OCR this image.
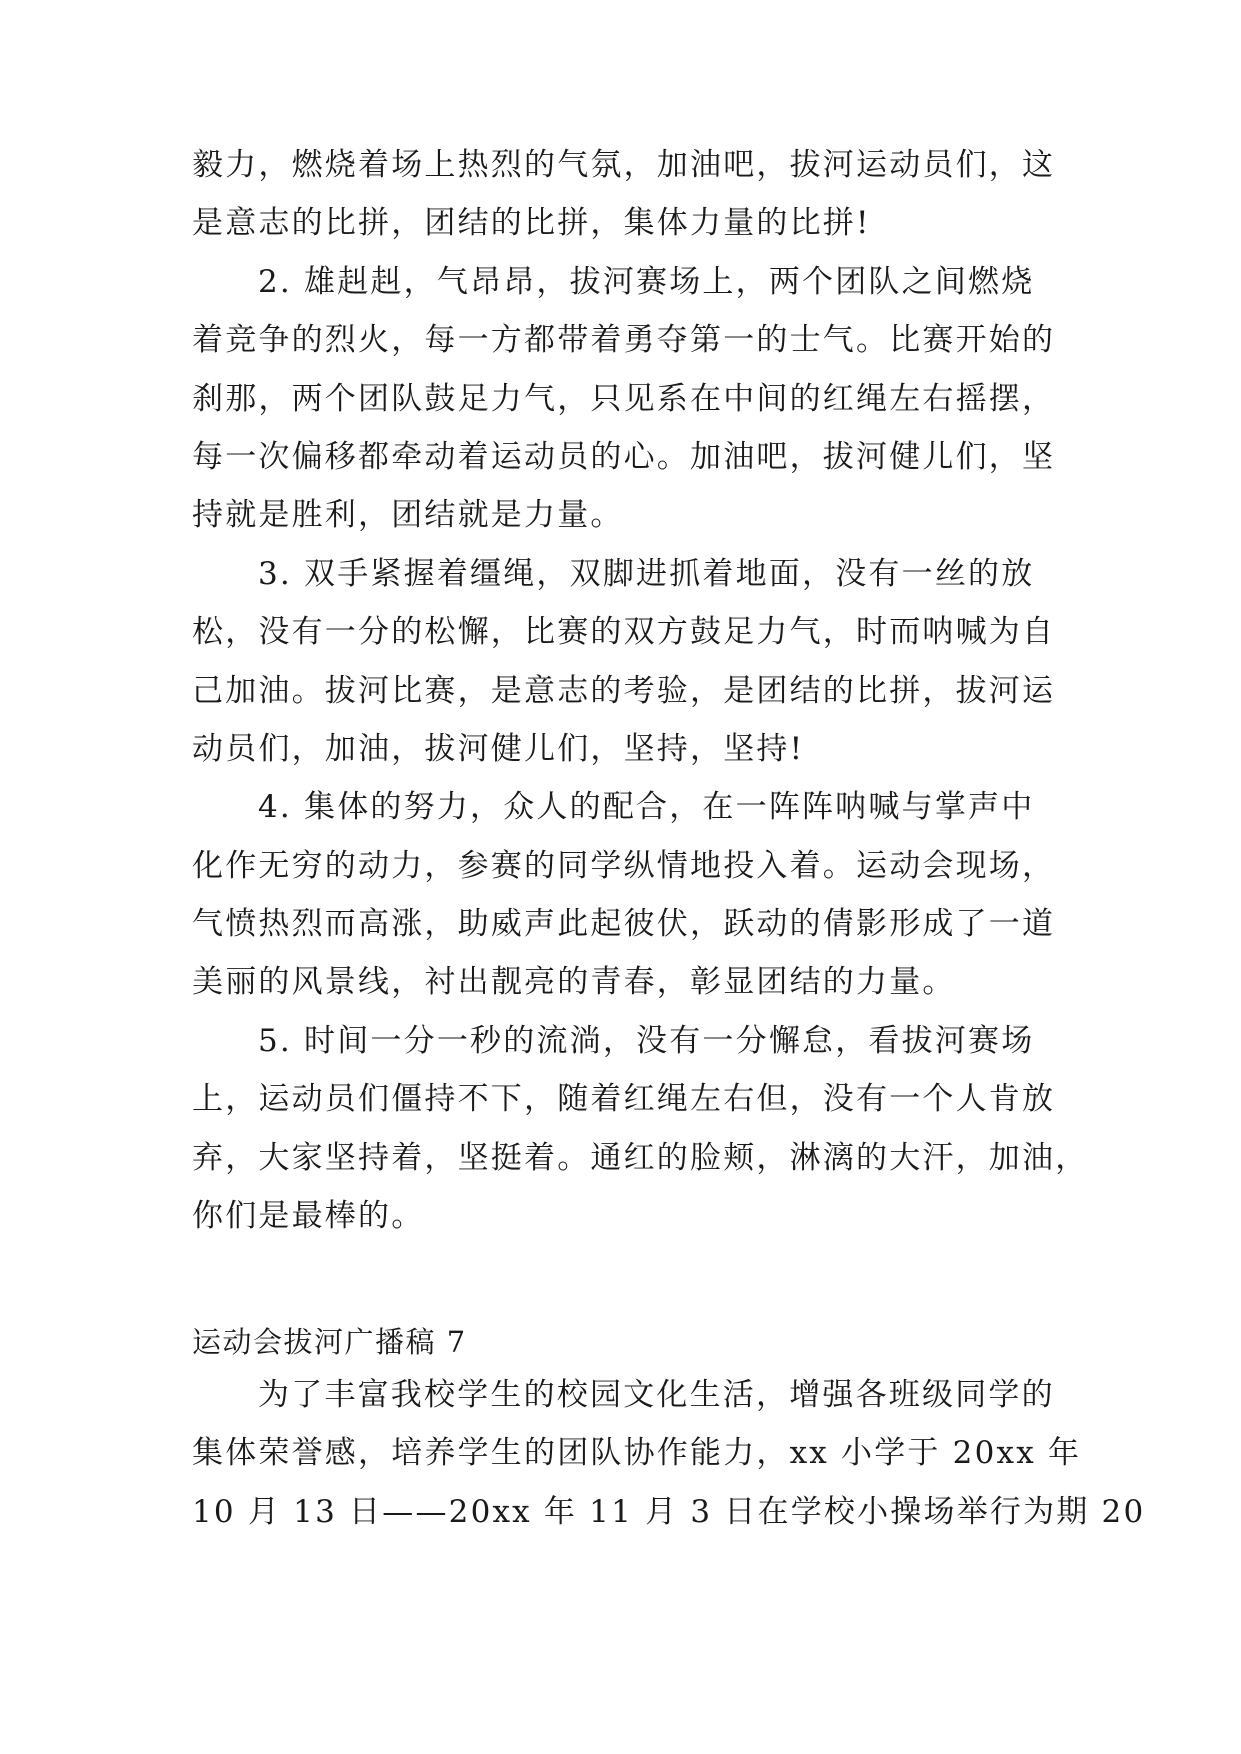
毅力，燃烧着场上热烈的气氛，加油吧，拔河运动员们，这
是意志的比拼，团结的比拼，集体力量的比拼!
2. 雄赳赳，气昂昂，拔河赛场上，两个团队之间燃烧
着竞争的烈火，每一方都带着勇夺第一的士气。比赛开始的
刹那，两个团队鼓足力气，只见系在中间的红绳左右摇摆，
每一次偏移都牵动着运动员的心。加油吧，拔河健儿们，坚
持就是胜利，团结就是力量。
3. 双手紧握着缰绳，双脚进抓着地面，没有一丝的放
松，没有一分的松懈，比赛的双方鼓足力气，时而呐喊为自
己加油。拔河比赛，是意志的考验，是团结的比拼，拔河运
动员们，加油，拔河健儿们，坚持，坚持!
4. 集体的努力，众人的配合，在一阵阵呐喊与掌声中
化作无穷的动力，参赛的同学纵情地投入着。运动会现场，
气愤热烈而高涨，助威声此起彼伏，跃动的倩影形成了一道
美丽的风景线，衬出靓亮的青春，彰显团结的力量。
5. 时间一分一秒的流淌，没有一分懈怠，看拔河赛场
上，运动员们僵持不下，随着红绳左右但，没有一个人肯放
弃，大家坚持着，坚挺着。通红的脸颊，淋漓的大汗，加油，
你们是最棒的。
运动会拔河广播稿 7
为了丰富我校学生的校园文化生活，增强各班级同学的
集体荣誉感，培养学生的团队协作能力，xx 小学于 20xx 年
10 月 13 日——20xx 年 11 月 3 日在学校小操场举行为期 20
